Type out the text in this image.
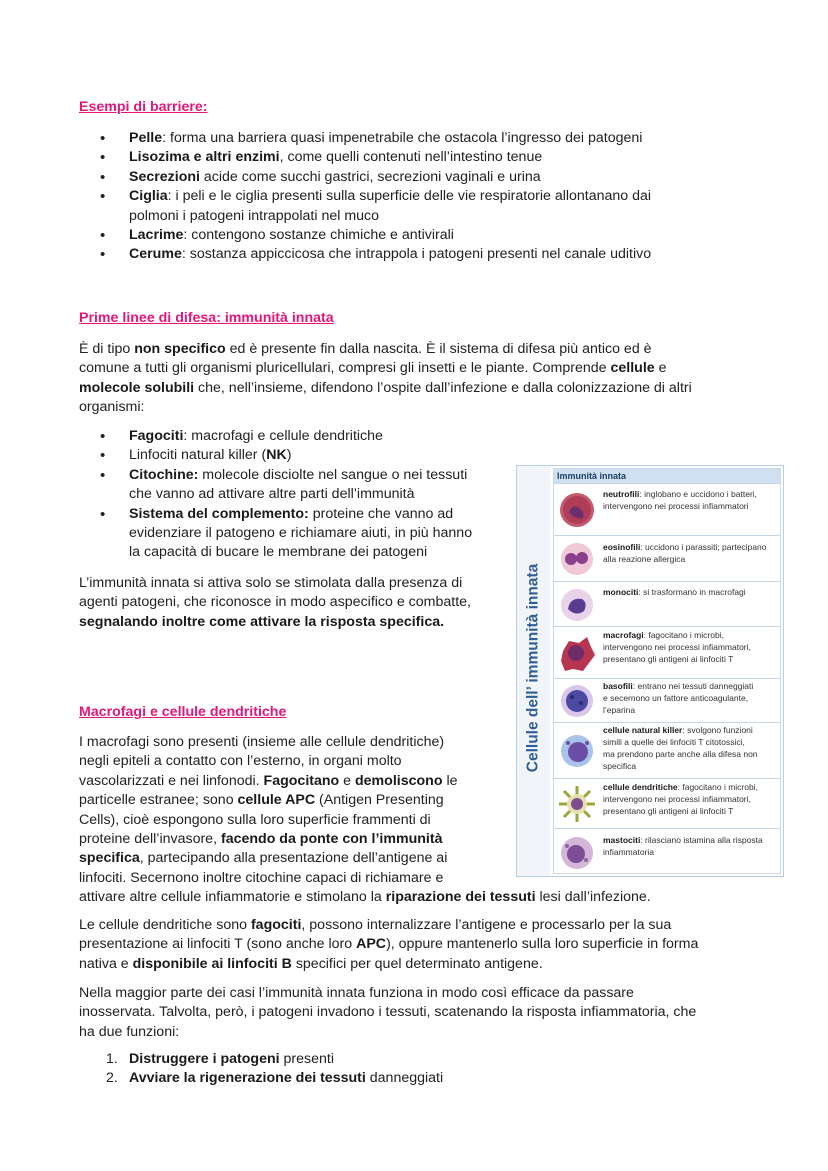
Esempi di barriere:
• Pelle: forma una barriera quasi impenetrabile che ostacola l’ingresso dei patogeni
• Lisozima e altri enzimi, come quelli contenuti nell’intestino tenue
• Secrezioni acide come succhi gastrici, secrezioni vaginali e urina
• Ciglia: i peli e le ciglia presenti sulla superficie delle vie respiratorie allontanano dai
polmoni i patogeni intrappolati nel muco
• Lacrime: contengono sostanze chimiche e antivirali
• Cerume: sostanza appiccicosa che intrappola i patogeni presenti nel canale uditivo
Prime linee di difesa: immunità innata

È di tipo non specifico ed è presente fin dalla nascita. È il sistema di difesa più antico ed è
comune a tutti gli organismi pluricellulari, compresi gli insetti e le piante. Comprende cellule e
molecole solubili che, nell’insieme, difendono l’ospite dall’infezione e dalla colonizzazione di altri
organismi:

• Fagociti: macrofagi e cellule dendritiche
• Linfociti natural killer (NK)
• Citochine: molecole disciolte nel sangue o nei tessuti
che vanno ad attivare altre parti dell’immunità
• Sistema del complemento: proteine che vanno ad
evidenziare il patogeno e richiamare aiuti, in più hanno
la capacità di bucare le membrane dei patogeni

L’immunità innata si attiva solo se stimolata dalla presenza di
agenti patogeni, che riconosce in modo aspecifico e combatte,
segnalando inoltre come attivare la risposta specifica.

Macrofagi e cellule dendritiche

I macrofagi sono presenti (insieme alle cellule dendritiche)
negli epiteli a contatto con l’esterno, in organi molto
vascolarizzati e nei linfonodi. Fagocitano e demoliscono le
particelle estranee; sono cellule APC (Antigen Presenting
Cells), cioè espongono sulla loro superficie frammenti di
proteine dell’invasore, facendo da ponte con l’immunità
specifica, partecipando alla presentazione dell’antigene ai
linfociti. Secernono inoltre citochine capaci di richiamare e
attivare altre cellule infiammatorie e stimolano la riparazione dei tessuti lesi dall’infezione.

Le cellule dendritiche sono fagociti, possono internalizzare l’antigene e processarlo per la sua
presentazione ai linfociti T (sono anche loro APC), oppure mantenerlo sulla loro superficie in forma
nativa e disponibile ai linfociti B specifici per quel determinato antigene.

Nella maggior parte dei casi l’immunità innata funziona in modo così efficace da passare
inosservata. Talvolta, però, i patogeni invadono i tessuti, scatenando la risposta infiammatoria, che
ha due funzioni:

1. Distruggere i patogeni presenti
2. Avviare la rigenerazione dei tessuti danneggiati
Cellule dell’ immunità innata
Immunità innata
neutrofili: inglobano e uccidono i batteri,
intervengono nei processi infiammatori
eosinofili: uccidono i parassiti; partecipano
alla reazione allergica
monociti: si trasformano in macrofagi
macrofagi: fagocitano i microbi,
intervengono nei processi infiammatori,
presentano gli antigeni ai linfociti T
basofili: entrano nei tessuti danneggiati
e secernono un fattore anticoagulante,
l’eparina
cellule natural killer: svolgono funzioni
simili a quelle dei linfociti T citotossici,
ma prendono parte anche alla difesa non
specifica
cellule dendritiche: fagocitano i microbi,
intervengono nei processi infiammatori,
presentano gli antigeni ai linfociti T
mastociti: rilasciano istamina alla risposta
infiammatoria
